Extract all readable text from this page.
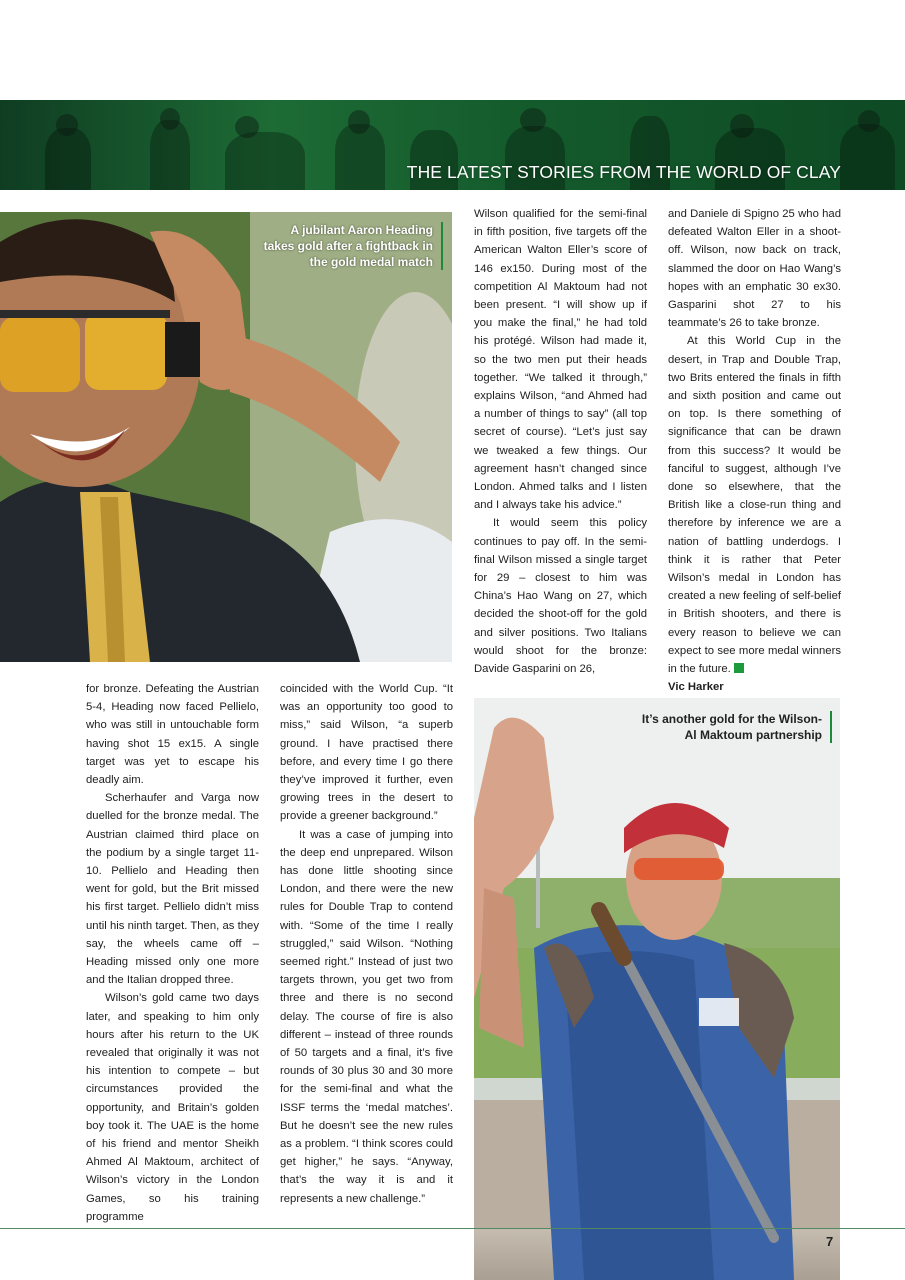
THE LATEST STORIES FROM THE WORLD OF CLAY
A jubilant Aaron Heading takes gold after a fightback in the gold medal match
It’s another gold for the Wilson-Al Maktoum partnership

for bronze. Defeating the Austrian 5-4, Heading now faced Pellielo, who was still in untouchable form having shot 15 ex15. A single target was yet to escape his deadly aim.

Scherhaufer and Varga now duelled for the bronze medal. The Austrian claimed third place on the podium by a single target 11-10. Pellielo and Heading then went for gold, but the Brit missed his first target. Pellielo didn’t miss until his ninth target. Then, as they say, the wheels came off – Heading missed only one more and the Italian dropped three.

Wilson’s gold came two days later, and speaking to him only hours after his return to the UK revealed that originally it was not his intention to compete – but circumstances provided the opportunity, and Britain’s golden boy took it. The UAE is the home of his friend and mentor Sheikh Ahmed Al Maktoum, architect of Wilson’s victory in the London Games, so his training programme

coincided with the World Cup. “It was an opportunity too good to miss,” said Wilson, “a superb ground. I have practised there before, and every time I go there they’ve improved it further, even growing trees in the desert to provide a greener background.”

It was a case of jumping into the deep end unprepared. Wilson has done little shooting since London, and there were the new rules for Double Trap to contend with. “Some of the time I really struggled,” said Wilson. “Nothing seemed right.” Instead of just two targets thrown, you get two from three and there is no second delay. The course of fire is also different – instead of three rounds of 50 targets and a final, it’s five rounds of 30 plus 30 and 30 more for the semi-final and what the ISSF terms the ‘medal matches’. But he doesn’t see the new rules as a problem. “I think scores could get higher,” he says. “Anyway, that’s the way it is and it represents a new challenge.”

Wilson qualified for the semi-final in fifth position, five targets off the American Walton Eller’s score of 146 ex150. During most of the competition Al Maktoum had not been present. “I will show up if you make the final,” he had told his protégé. Wilson had made it, so the two men put their heads together. “We talked it through,” explains Wilson, “and Ahmed had a number of things to say” (all top secret of course). “Let’s just say we tweaked a few things. Our agreement hasn’t changed since London. Ahmed talks and I listen and I always take his advice.”

It would seem this policy continues to pay off. In the semi-final Wilson missed a single target for 29 – closest to him was China’s Hao Wang on 27, which decided the shoot-off for the gold and silver positions. Two Italians would shoot for the bronze: Davide Gasparini on 26,

and Daniele di Spigno 25 who had defeated Walton Eller in a shoot-off. Wilson, now back on track, slammed the door on Hao Wang’s hopes with an emphatic 30 ex30. Gasparini shot 27 to his teammate’s 26 to take bronze.

At this World Cup in the desert, in Trap and Double Trap, two Brits entered the finals in fifth and sixth position and came out on top. Is there something of significance that can be drawn from this success? It would be fanciful to suggest, although I’ve done so elsewhere, that the British like a close-run thing and therefore by inference we are a nation of battling underdogs. I think it is rather that Peter Wilson’s medal in London has created a new feeling of self-belief in British shooters, and there is every reason to believe we can expect to see more medal winners in the future.

Vic Harker

7
